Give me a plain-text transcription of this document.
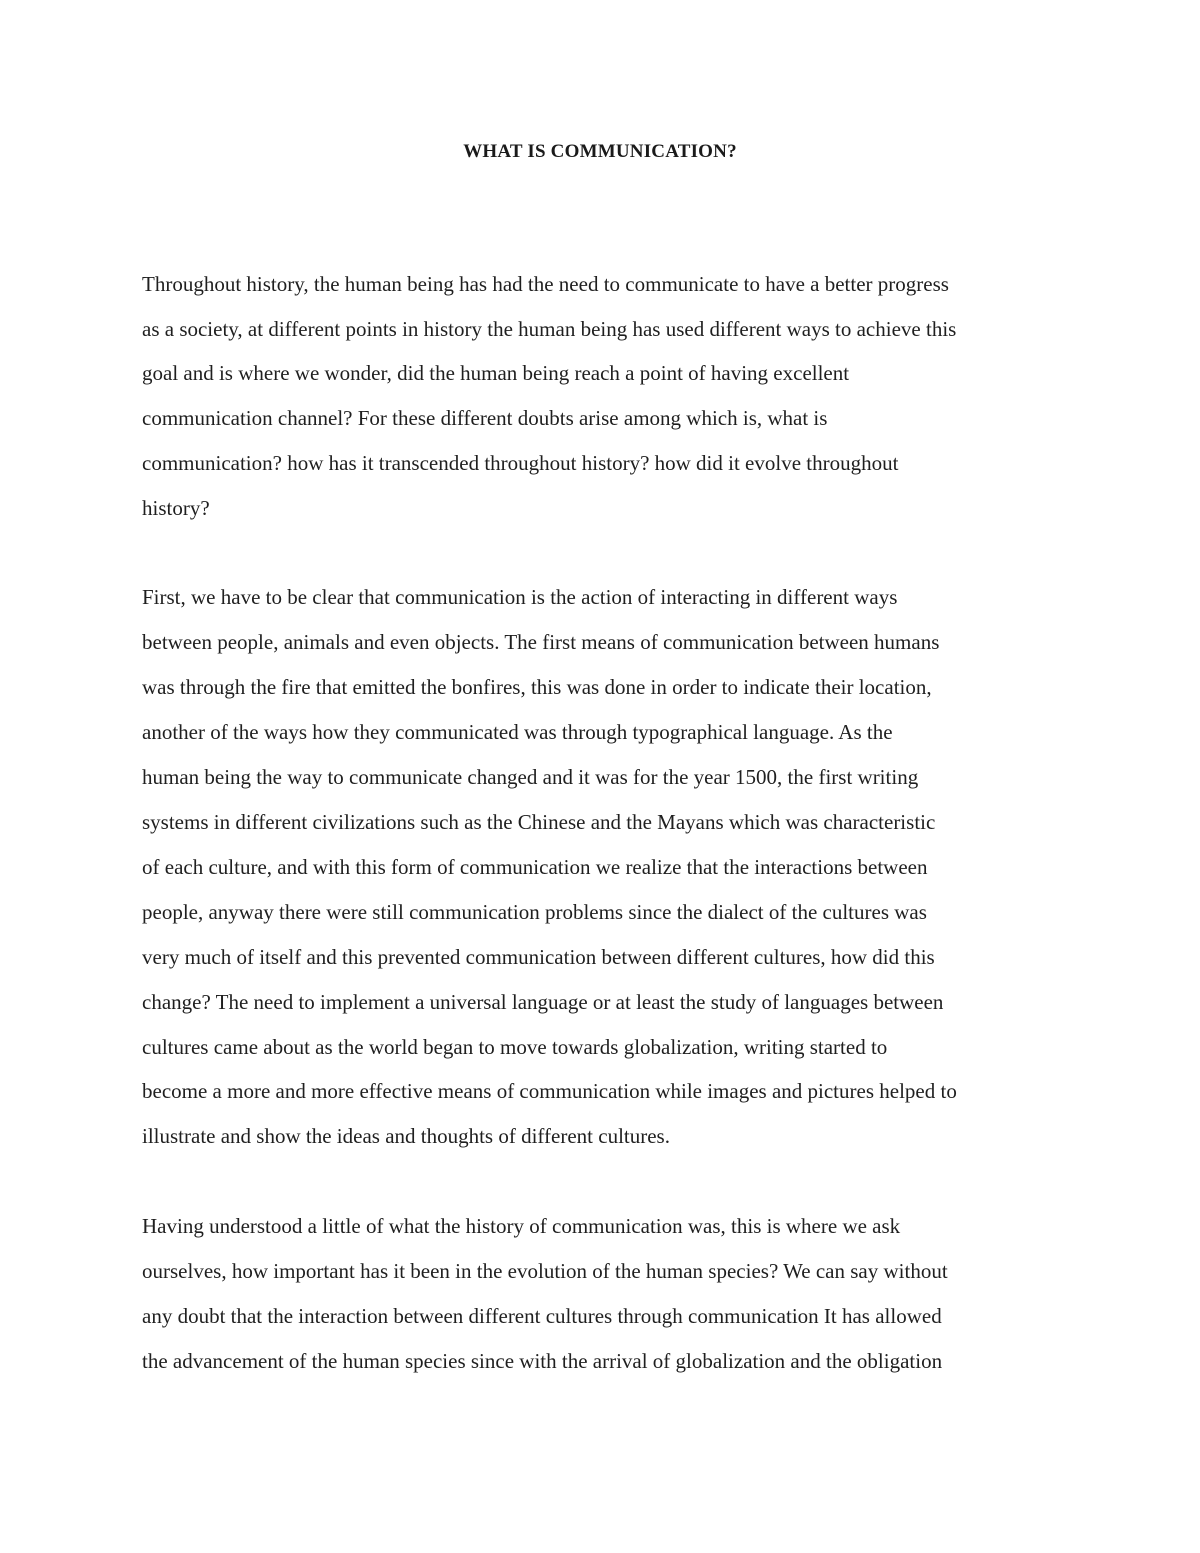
WHAT IS COMMUNICATION?
Throughout history, the human being has had the need to communicate to have a better progress
as a society, at different points in history the human being has used different ways to achieve this
goal and is where we wonder, did the human being reach a point of having excellent
communication channel? For these different doubts arise among which is, what is
communication? how has it transcended throughout history? how did it evolve throughout
history?
First, we have to be clear that communication is the action of interacting in different ways
between people, animals and even objects. The first means of communication between humans
was through the fire that emitted the bonfires, this was done in order to indicate their location,
another of the ways how they communicated was through typographical language. As the
human being the way to communicate changed and it was for the year 1500, the first writing
systems in different civilizations such as the Chinese and the Mayans which was characteristic
of each culture, and with this form of communication we realize that the interactions between
people, anyway there were still communication problems since the dialect of the cultures was
very much of itself and this prevented communication between different cultures, how did this
change? The need to implement a universal language or at least the study of languages between
cultures came about as the world began to move towards globalization, writing started to
become a more and more effective means of communication while images and pictures helped to
illustrate and show the ideas and thoughts of different cultures.
Having understood a little of what the history of communication was, this is where we ask
ourselves, how important has it been in the evolution of the human species? We can say without
any doubt that the interaction between different cultures through communication It has allowed
the advancement of the human species since with the arrival of globalization and the obligation
